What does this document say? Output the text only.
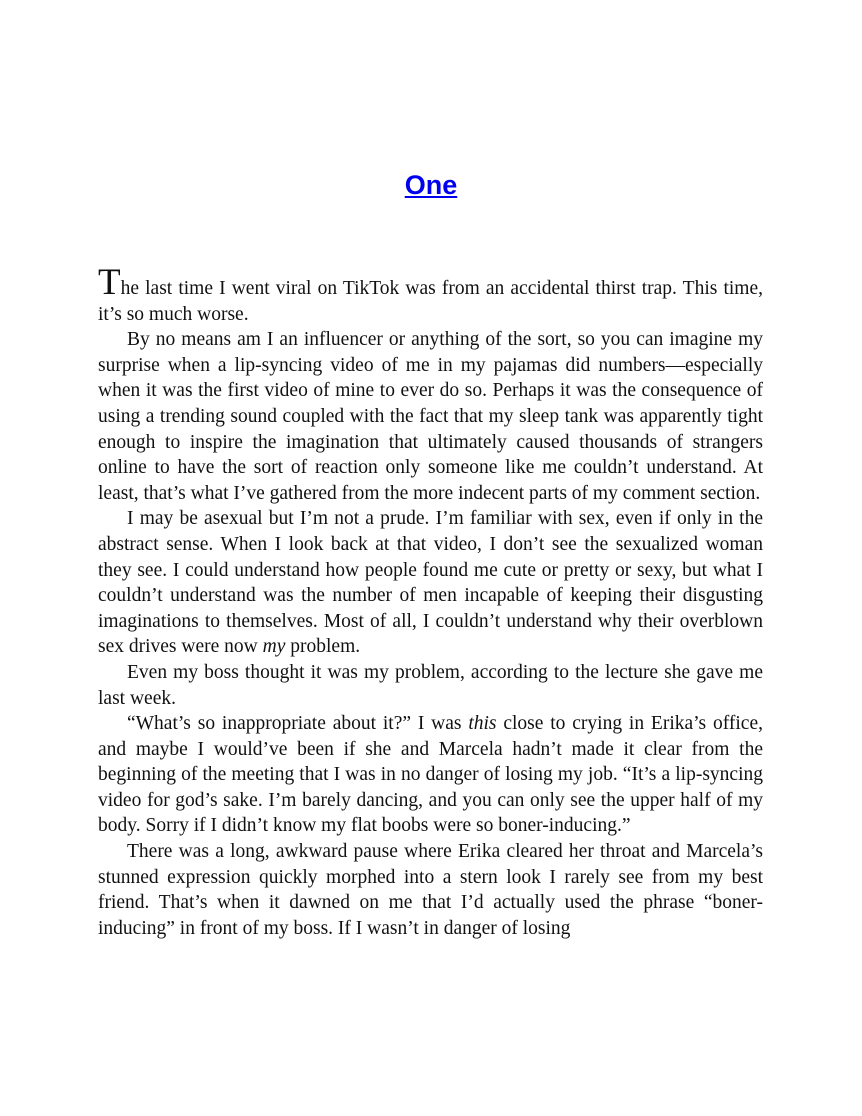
One

The last time I went viral on TikTok was from an accidental thirst trap. This time, it’s so much worse.

By no means am I an influencer or anything of the sort, so you can imagine my surprise when a lip-syncing video of me in my pajamas did numbers—especially when it was the first video of mine to ever do so. Perhaps it was the consequence of using a trending sound coupled with the fact that my sleep tank was apparently tight enough to inspire the imagination that ultimately caused thousands of strangers online to have the sort of reaction only someone like me couldn’t understand. At least, that’s what I’ve gathered from the more indecent parts of my comment section.

I may be asexual but I’m not a prude. I’m familiar with sex, even if only in the abstract sense. When I look back at that video, I don’t see the sexualized woman they see. I could understand how people found me cute or pretty or sexy, but what I couldn’t understand was the number of men incapable of keeping their disgusting imaginations to themselves. Most of all, I couldn’t understand why their overblown sex drives were now my problem.

Even my boss thought it was my problem, according to the lecture she gave me last week.

“What’s so inappropriate about it?” I was this close to crying in Erika’s office, and maybe I would’ve been if she and Marcela hadn’t made it clear from the beginning of the meeting that I was in no danger of losing my job. “It’s a lip-syncing video for god’s sake. I’m barely dancing, and you can only see the upper half of my body. Sorry if I didn’t know my flat boobs were so boner-inducing.”

There was a long, awkward pause where Erika cleared her throat and Marcela’s stunned expression quickly morphed into a stern look I rarely see from my best friend. That’s when it dawned on me that I’d actually used the phrase “boner-inducing” in front of my boss. If I wasn’t in danger of losing
